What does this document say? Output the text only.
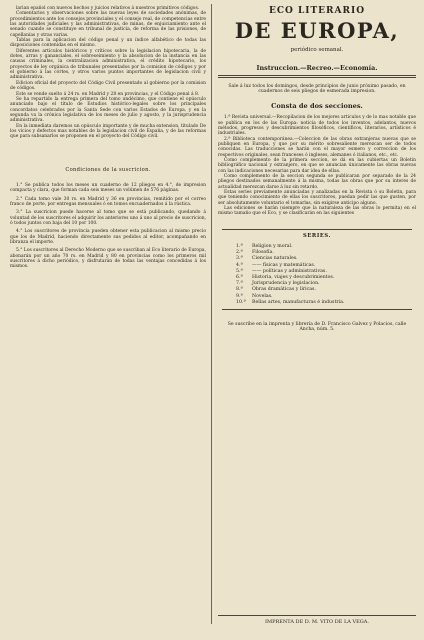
larian epañol con nuevos hechos y juicios relativos á nuestros primitivos códigos.

Comentarios y observaciones sobre las nuevas leyes de sociedades anónimas, de procedimientos ante los consejos provinciales y el consejo real, de competencias entre las autoridades judiciales y las administrativas, de minas, de enjuiciamiento ante el senado cuando se constituye en tribunal de justicia, de reforma de las prisiones, de capellanías y otras varias.

Tablas para la aplicacion del código penal y un índice alfabético de todas las disposiciones contenidas en el mismo.

Diferentes artículos históricos y críticos sobre la legislacion hipotecaria, la de dotes, arras y gananciales, el sobreseimiento y la absolucion de la instancia en las causas criminales, la centralizacion administrativa, el crédito hipotecario, los proyectos de ley orgánica de tribunales presentados por la comision de códigos y por el gobierno á las córtes, y otros varios puntos importantes de legislacion civil y administrativa.

Edicion oficial del proyecto del Código Civil presentado al gobierno por la comision de códigos.

Este se vende suelto á 24 rs. en Madrid y 28 en provincias, y el Código penal á 8.

Se ha repartido la entrega primera del tomo undécimo, que contiene el opúsculo anunciado bajo el título de Estudios histórico-legales sobre los principales concordatos celebrados por la Santa Sede con varios Estados de Europa, y en la segunda va la crónica legislativa de los meses de julio y agosto, y la jurisprudencia administrativa.

En la inmediata daremos un opúsculo importante y de mucha extension, titulado De los vicios y defectos mas notables de la legislacion civil de España, y de las reformas que para subsanarlos se proponen en el proyecto del Código civil.

Condiciones de la suscricion.

1.° Se publica todos los meses un cuaderno de 12 pliegos en 4.°, de impresion compacta y clara, que forman cada seis meses un volúmen de 576 páginas.

2.° Cada tomo vale 30 rs. en Madrid y 36 en provincias, remitido por el correo franco de porte, por entregas mensuales ó en tomos encuadernados á la rústica.

3.° La suscricion puede hacerse al tomo que se está publicando, quedando á voluntad de los suscritores el adquirir los anteriores uno á uno al precio de suscricion, ó todos juntos con baja del 10 por 100.

4.° Los suscritores de provincia pueden obtener esta publicacion al mismo precio que los de Madrid, haciendo directamente sus pedidos al editor, acompañando en libranza el importe.

5.° Los suscritores al Derecho Moderno que se suscriban al Eco literario de Europa, abonarán por un año 70 rs. en Madrid y 80 en provincias como los primeros mil suscritores á dicho periódico, y disfrutarán de todas las ventajas concedidas á los mismos.

ECO LITERARIO
DE EUROPA,
periódico semanal.
Instruccion.—Recreo.—Economía.
Sale á luz todos los domingos, desde principios de junio próximo pasado, en cuadernos de seis pliegos de esmerada impresion.
Consta de dos secciones.

1.ª Revista universal.—Recopilacion de los mejores artículos y de lo mas notable que se publica en los de las Europa: noticia de todos los inventos, adelantos, nuevos métodos, progresos y descubrimientos filosóficos, científicos, literarios, artísticos é industriales.

2.ª Biblioteca contemporánea.—Coleccion de las obras extranjeras nuevas que se publiquen en Europa, y que por su mérito sobresaliente merezcan ser de todos conocidas. Las traducciones se harán con el mayor esmero y correccion de los respectivos originales, sean franceses ó ingleses, alemanes ó italianos, etc., etc.

Como complemento de la primera seccion, se dá en las cubiertas un Boletín bibliográfico nacional y extranjero, en que se anuncian únicamente las obras nuevas con las indicaciones necesarias para dar idea de ellas.

Como complemento de la seccion segunda se publicaran por separado de la 24 pliegos destinados semanalmente á la misma, todas las obras que por su interes de actualidad merezcan darse á luz sin retardo.

Estas series previamente anunciadas y analizadas en la Revista ó su Boletin, para que teniendo conocimiento de ellas los suscritores, puedan pedir las que gusten, por ser absolutamente voluntario el tomarlas, sin exigirse anticipo alguno.

Las ediciones se harán (siempre que la naturaleza de las obras lo permita) en el mismo tamaño que el Eco, y se clasificarán en las siguientes

SERIES.
1.ª	Religion y moral.
2.ª	Filosofía.
3.ª	Ciencias naturales.
4.ª	—— físicas y matemáticas.
5.ª	—— políticas y administrativas.
6.ª	Historia, viajes y descubrimientos.
7.ª	Jurisprudencia y legislacion.
8.ª	Obras dramáticas y líricas.
9.ª	Novelas.
10.ª	Bellas artes, manufacturas é industria.
Se suscribe en la imprenta y librería de D. Francisco Galvez y Polacios, calle Ancha, núm. 5.
IMPRENTA DE D. M. VITO DE LA VEGA.
